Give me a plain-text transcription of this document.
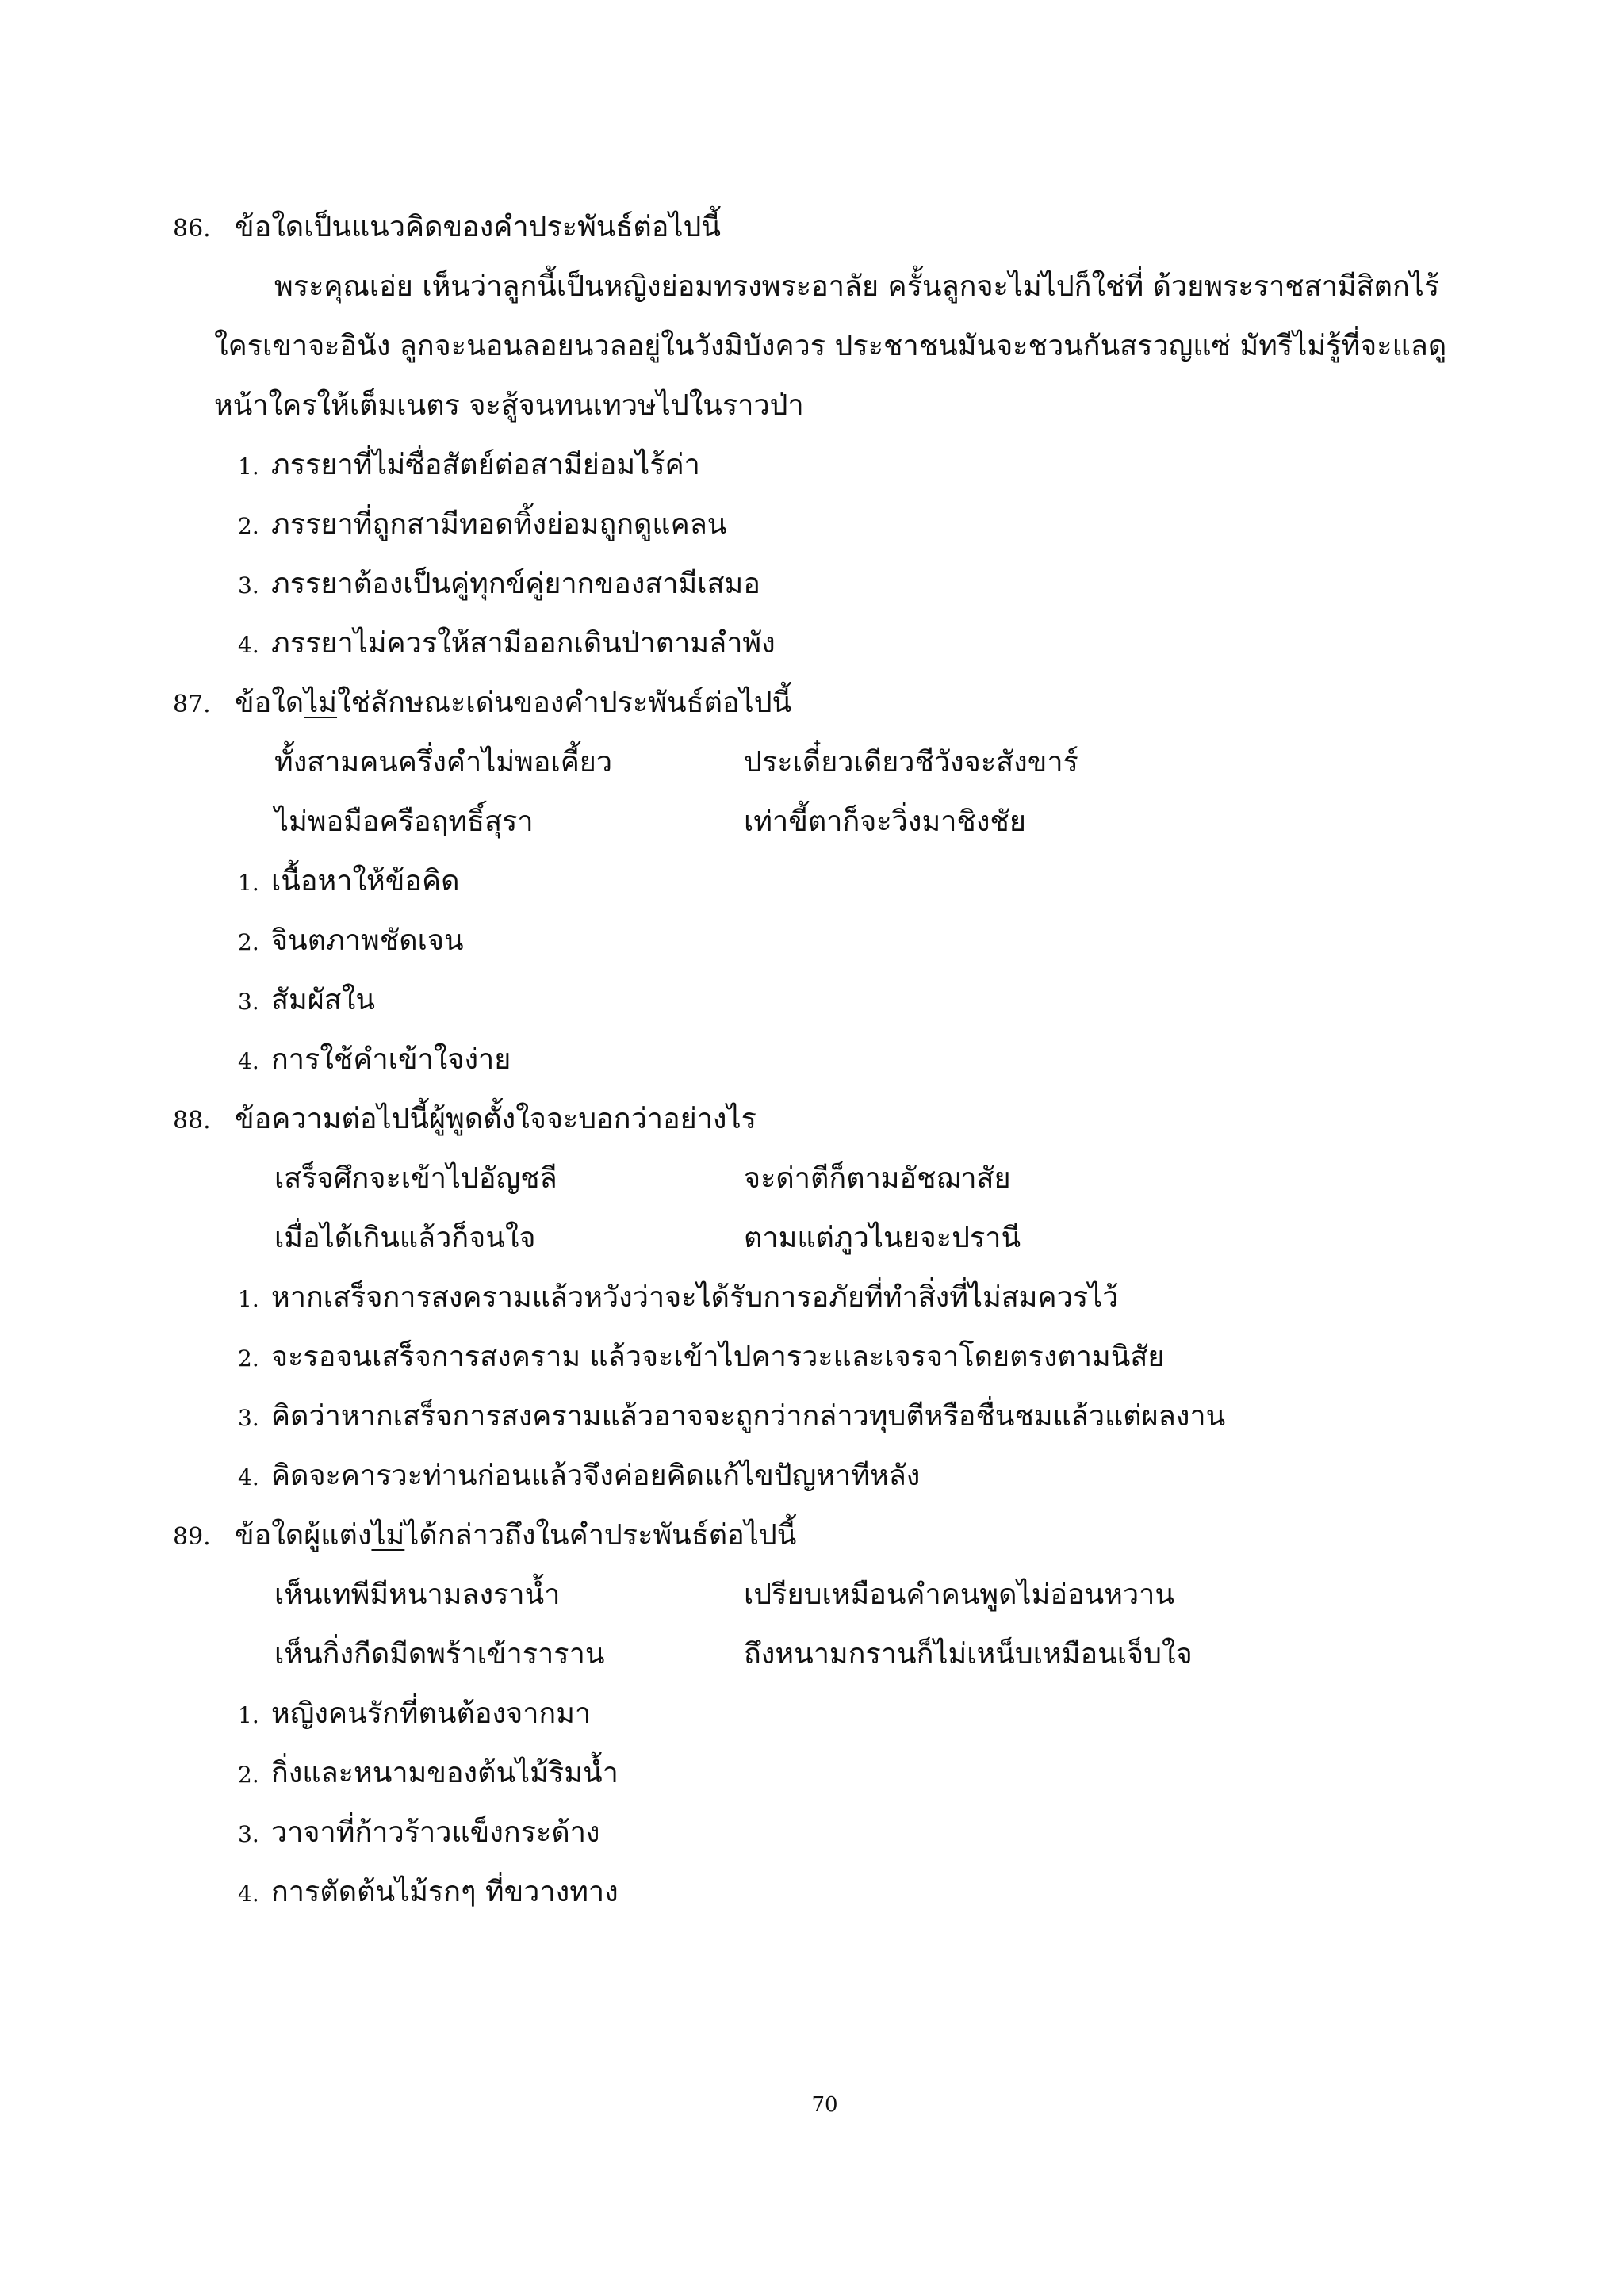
86. ข้อใดเป็นแนวคิดของคำประพันธ์ต่อไปนี้
พระคุณเอ่ย เห็นว่าลูกนี้เป็นหญิงย่อมทรงพระอาลัย ครั้นลูกจะไม่ไปก็ใช่ที่ ด้วยพระราชสามีสิตกไร้
ใครเขาจะอินัง ลูกจะนอนลอยนวลอยู่ในวังมิบังควร ประชาชนมันจะชวนกันสรวญแซ่ มัทรีไม่รู้ที่จะแลดู
หน้าใครให้เต็มเนตร จะสู้จนทนเทวษไปในราวป่า
1. ภรรยาที่ไม่ซื่อสัตย์ต่อสามีย่อมไร้ค่า
2. ภรรยาที่ถูกสามีทอดทิ้งย่อมถูกดูแคลน
3. ภรรยาต้องเป็นคู่ทุกข์คู่ยากของสามีเสมอ
4. ภรรยาไม่ควรให้สามีออกเดินป่าตามลำพัง
87. ข้อใดไม่ใช่ลักษณะเด่นของคำประพันธ์ต่อไปนี้
ทั้งสามคนครึ่งคำไม่พอเคี้ยว	ประเดี๋ยวเดียวชีวังจะสังขาร์
ไม่พอมือครือฤทธิ์สุรา	เท่าขี้ตาก็จะวิ่งมาชิงชัย
1. เนื้อหาให้ข้อคิด
2. จินตภาพชัดเจน
3. สัมผัสใน
4. การใช้คำเข้าใจง่าย
88. ข้อความต่อไปนี้ผู้พูดตั้งใจจะบอกว่าอย่างไร
เสร็จศึกจะเข้าไปอัญชลี	จะด่าตีก็ตามอัชฌาสัย
เมื่อได้เกินแล้วก็จนใจ	ตามแต่ภูวไนยจะปรานี
1. หากเสร็จการสงครามแล้วหวังว่าจะได้รับการอภัยที่ทำสิ่งที่ไม่สมควรไว้
2. จะรอจนเสร็จการสงคราม แล้วจะเข้าไปคารวะและเจรจาโดยตรงตามนิสัย
3. คิดว่าหากเสร็จการสงครามแล้วอาจจะถูกว่ากล่าวทุบตีหรือชื่นชมแล้วแต่ผลงาน
4. คิดจะคารวะท่านก่อนแล้วจึงค่อยคิดแก้ไขปัญหาทีหลัง
89. ข้อใดผู้แต่งไม่ได้กล่าวถึงในคำประพันธ์ต่อไปนี้
เห็นเทพีมีหนามลงราน้ำ	เปรียบเหมือนคำคนพูดไม่อ่อนหวาน
เห็นกิ่งกีดมีดพร้าเข้าราราน	ถึงหนามกรานก็ไม่เหน็บเหมือนเจ็บใจ
1. หญิงคนรักที่ตนต้องจากมา
2. กิ่งและหนามของต้นไม้ริมน้ำ
3. วาจาที่ก้าวร้าวแข็งกระด้าง
4. การตัดต้นไม้รกๆ ที่ขวางทาง
70
